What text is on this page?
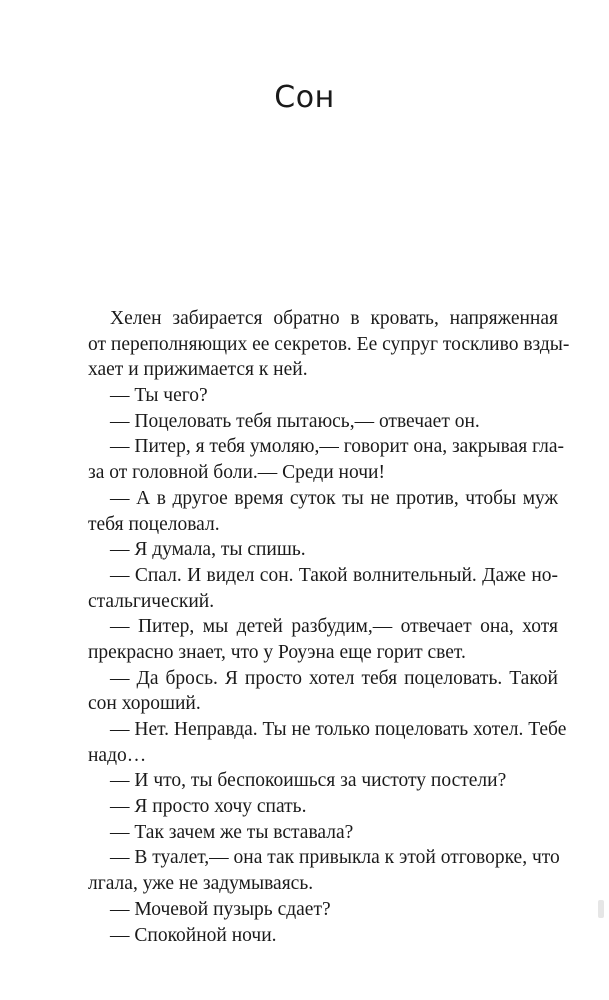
Сон
Хелен забирается обратно в кровать, напряженная
от переполняющих ее секретов. Ее супруг тоскливо взды-
хает и прижимается к ней.
— Ты чего?
— Поцеловать тебя пытаюсь,— отвечает он.
— Питер, я тебя умоляю,— говорит она, закрывая гла-
за от головной боли.— Среди ночи!
— А в другое время суток ты не против, чтобы муж
тебя поцеловал.
— Я думала, ты спишь.
— Спал. И видел сон. Такой волнительный. Даже но-
стальгический.
— Питер, мы детей разбудим,— отвечает она, хотя
прекрасно знает, что у Роуэна еще горит свет.
— Да брось. Я просто хотел тебя поцеловать. Такой
сон хороший.
— Нет. Неправда. Ты не только поцеловать хотел. Тебе
надо…
— И что, ты беспокоишься за чистоту постели?
— Я просто хочу спать.
— Так зачем же ты вставала?
— В туалет,— она так привыкла к этой отговорке, что
лгала, уже не задумываясь.
— Мочевой пузырь сдает?
— Спокойной ночи.
